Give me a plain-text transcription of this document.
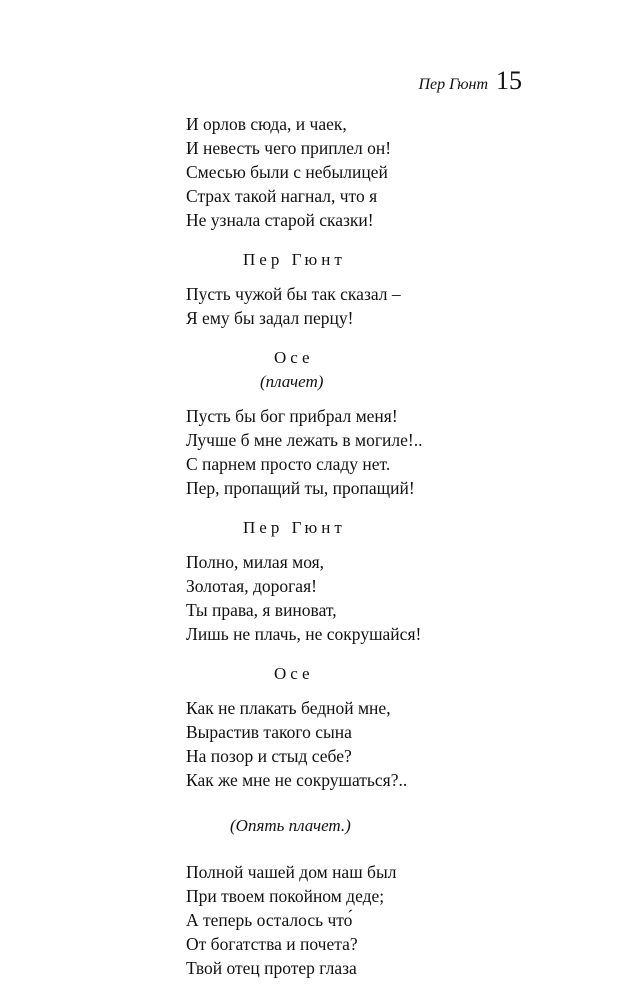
Пер Гюнт 15
И орлов сюда, и чаек,
И невесть чего приплел он!
Смесью были с небылицей
Страх такой нагнал, что я
Не узнала старой сказки!
Пер Гюнт
Пусть чужой бы так сказал –
Я ему бы задал перцу!
Осе
(плачет)
Пусть бы бог прибрал меня!
Лучше б мне лежать в могиле!..
С парнем просто сладу нет.
Пер, пропащий ты, пропащий!
Пер Гюнт
Полно, милая моя,
Золотая, дорогая!
Ты права, я виноват,
Лишь не плачь, не сокрушайся!
Осе
Как не плакать бедной мне,
Вырастив такого сына
На позор и стыд себе?
Как же мне не сокрушаться?..
(Опять плачет.)
Полной чашей дом наш был
При твоем покойном деде;
А теперь осталось что́
От богатства и почета?
Твой отец протер глаза
